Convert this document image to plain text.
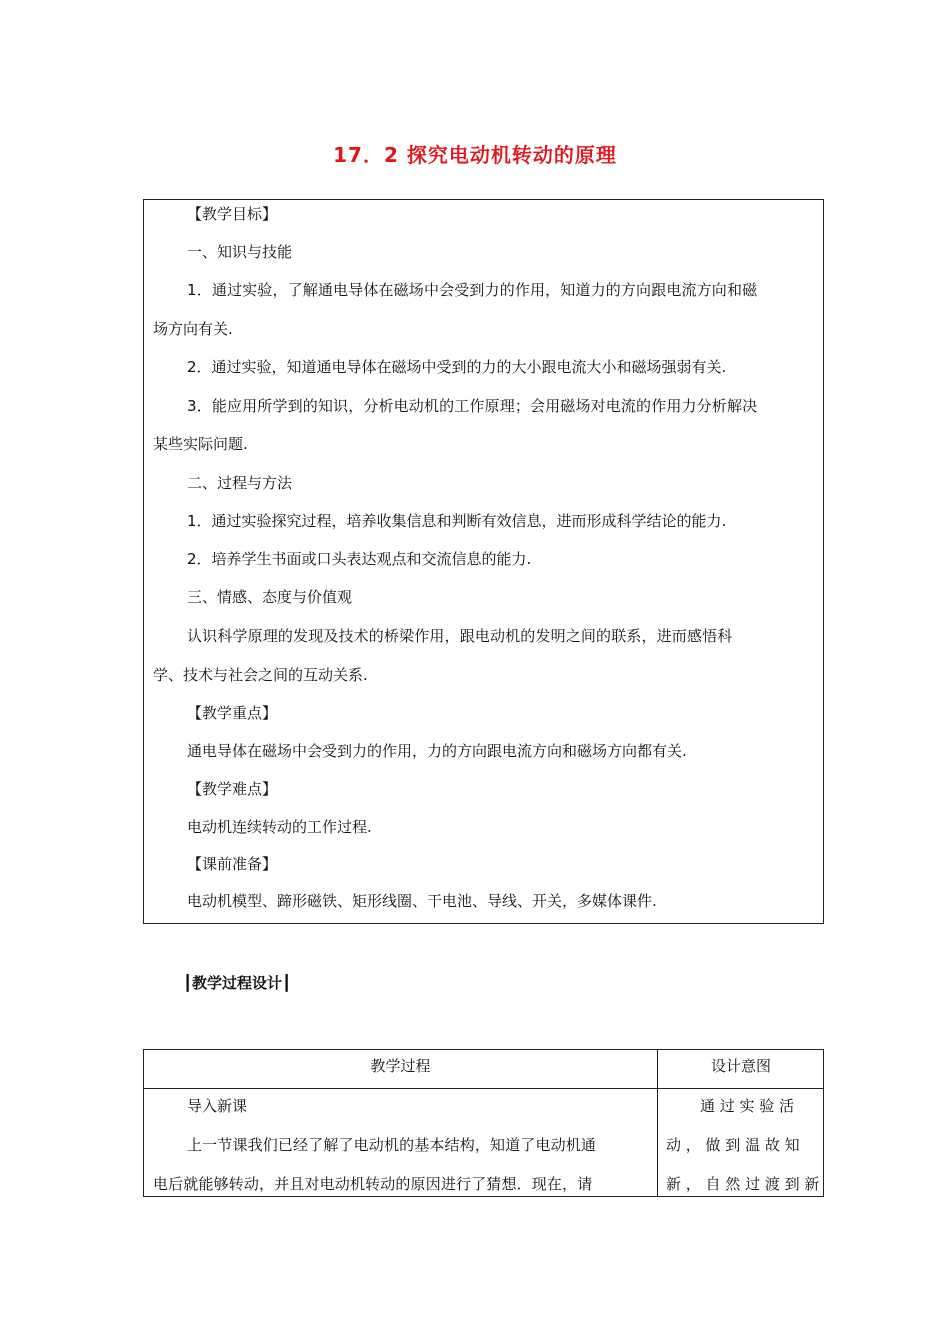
17．2 探究电动机转动的原理
【教学目标】
一、知识与技能
1．通过实验，了解通电导体在磁场中会受到力的作用，知道力的方向跟电流方向和磁
场方向有关.
2．通过实验，知道通电导体在磁场中受到的力的大小跟电流大小和磁场强弱有关.
3．能应用所学到的知识，分析电动机的工作原理；会用磁场对电流的作用力分析解决
某些实际问题.
二、过程与方法
1．通过实验探究过程，培养收集信息和判断有效信息，进而形成科学结论的能力.
2．培养学生书面或口头表达观点和交流信息的能力.
三、情感、态度与价值观
认识科学原理的发现及技术的桥梁作用，跟电动机的发明之间的联系，进而感悟科
学、技术与社会之间的互动关系.
【教学重点】
通电导体在磁场中会受到力的作用，力的方向跟电流方向和磁场方向都有关.
【教学难点】
电动机连续转动的工作过程.
【课前准备】
电动机模型、蹄形磁铁、矩形线圈、干电池、导线、开关，多媒体课件.
┃教学过程设计┃
教学过程	设计意图
导入新课
上一节课我们已经了解了电动机的基本结构，知道了电动机通
电后就能够转动，并且对电动机转动的原因进行了猜想．现在，请
通 过 实 验 活
动 ， 做 到 温 故 知
新 ， 自 然 过 渡 到 新
